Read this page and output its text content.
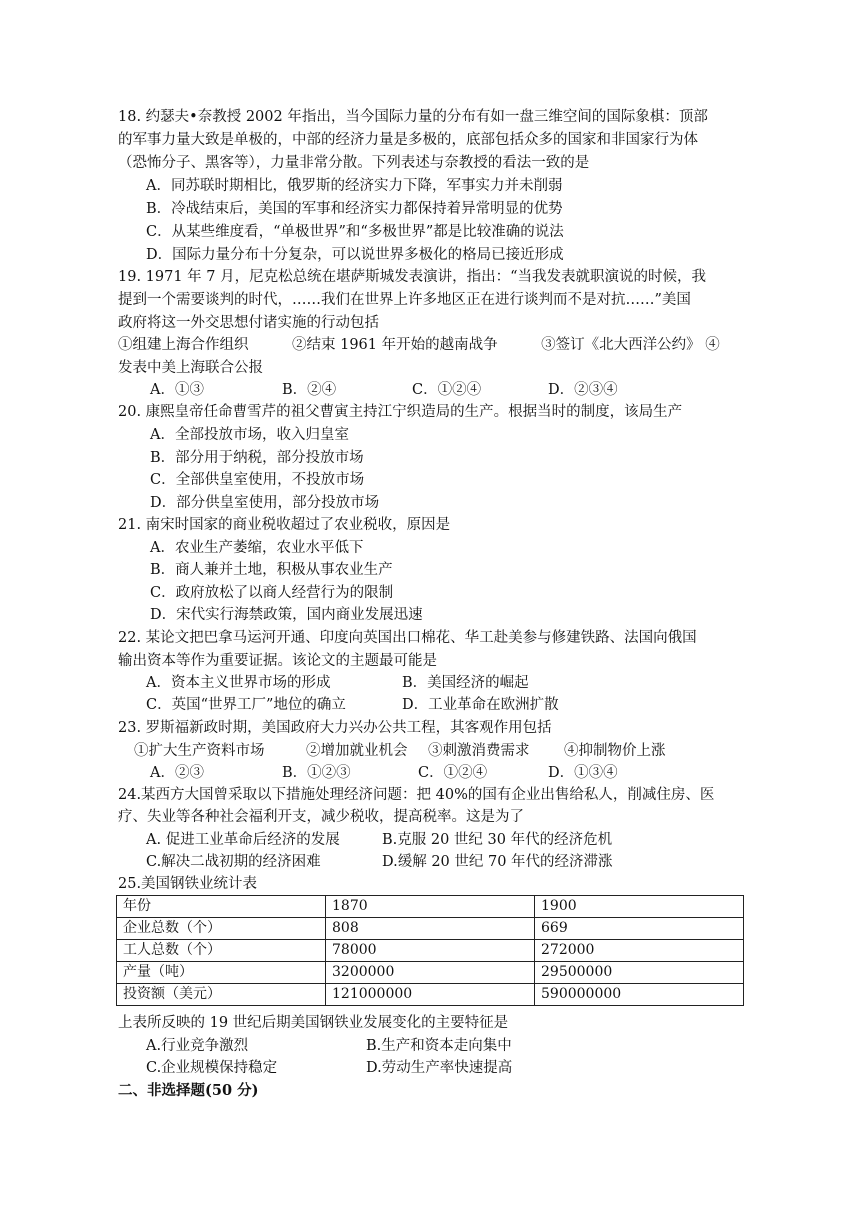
18. 约瑟夫•奈教授 2002 年指出，当今国际力量的分布有如一盘三维空间的国际象棋：顶部
的军事力量大致是单极的，中部的经济力量是多极的，底部包括众多的国家和非国家行为体
（恐怖分子、黑客等），力量非常分散。下列表述与奈教授的看法一致的是
A．同苏联时期相比，俄罗斯的经济实力下降，军事实力并未削弱
B．冷战结束后，美国的军事和经济实力都保持着异常明显的优势
C．从某些维度看，“单极世界”和“多极世界”都是比较准确的说法
D．国际力量分布十分复杂，可以说世界多极化的格局已接近形成
19. 1971 年 7 月，尼克松总统在堪萨斯城发表演讲，指出：“当我发表就职演说的时候，我
提到一个需要谈判的时代，……我们在世界上许多地区正在进行谈判而不是对抗……”美国
政府将这一外交思想付诸实施的行动包括
①组建上海合作组织　　　②结束 1961 年开始的越南战争　　　③签订《北大西洋公约》 ④
发表中美上海联合公报
A．①③	B．②④	C．①②④	D．②③④
20. 康熙皇帝任命曹雪芹的祖父曹寅主持江宁织造局的生产。根据当时的制度，该局生产
A．全部投放市场，收入归皇室
B．部分用于纳税，部分投放市场
C．全部供皇室使用，不投放市场
D．部分供皇室使用，部分投放市场
21. 南宋时国家的商业税收超过了农业税收，原因是
A．农业生产萎缩，农业水平低下
B．商人兼并土地，积极从事农业生产
C．政府放松了以商人经营行为的限制
D．宋代实行海禁政策，国内商业发展迅速
22. 某论文把巴拿马运河开通、印度向英国出口棉花、华工赴美参与修建铁路、法国向俄国
输出资本等作为重要证据。该论文的主题最可能是
A．资本主义世界市场的形成	B．美国经济的崛起
C．英国“世界工厂”地位的确立	D．工业革命在欧洲扩散
23. 罗斯福新政时期，美国政府大力兴办公共工程，其客观作用包括
①扩大生产资料市场	②增加就业机会 ③刺激消费需求 ④抑制物价上涨
A．②③	B．①②③	C．①②④	D．①③④
24.某西方大国曾采取以下措施处理经济问题：把 40%的国有企业出售给私人，削减住房、医
疗、失业等各种社会福利开支，减少税收，提高税率。这是为了
A. 促进工业革命后经济的发展	B.克服 20 世纪 30 年代的经济危机
C.解决二战初期的经济困难	D.缓解 20 世纪 70 年代的经济滞涨
25.美国钢铁业统计表
年份	1870	1900
企业总数（个）	808	669
工人总数（个）	78000	272000
产量（吨）	3200000	29500000
投资额（美元）	121000000	590000000
上表所反映的 19 世纪后期美国钢铁业发展变化的主要特征是
A.行业竞争激烈	B.生产和资本走向集中
C.企业规模保持稳定	D.劳动生产率快速提高
二、非选择题(50 分)
